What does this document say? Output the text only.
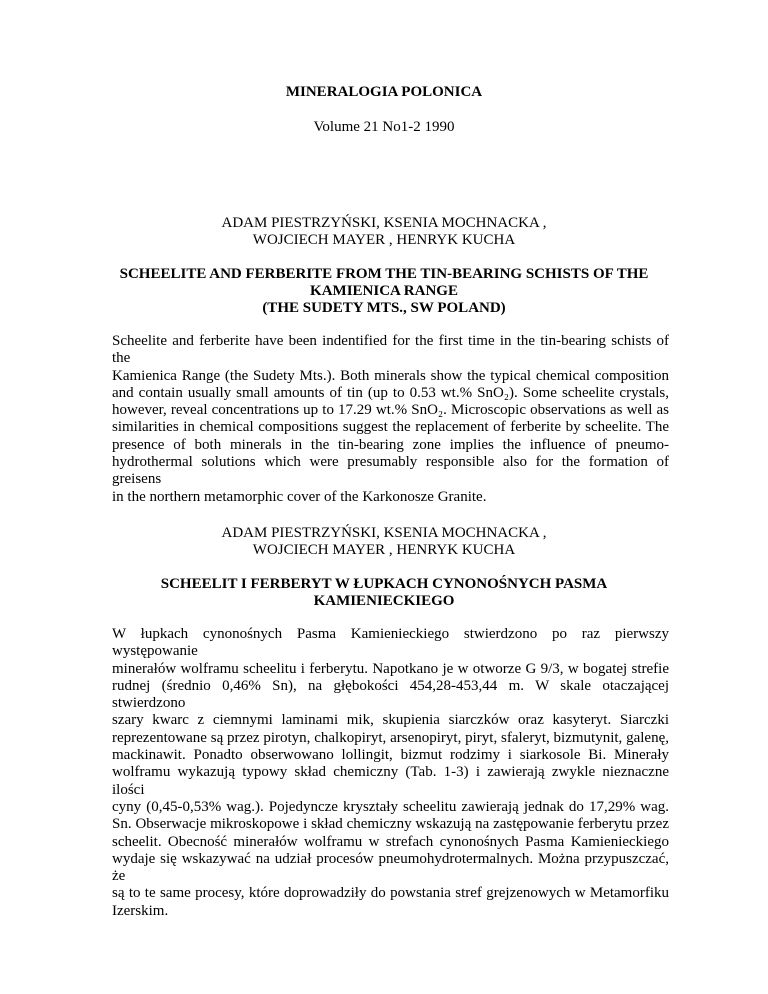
MINERALOGIA POLONICA
Volume 21 No1-2 1990
ADAM PIESTRZYŃSKI, KSENIA MOCHNACKA ,
WOJCIECH MAYER , HENRYK KUCHA
SCHEELITE AND FERBERITE FROM THE TIN-BEARING SCHISTS OF THE
KAMIENICA RANGE
(THE SUDETY MTS., SW POLAND)
Scheelite and ferberite have been indentified for the first time in the tin-bearing schists of the
Kamienica Range (the Sudety Mts.). Both minerals show the typical chemical composition
and contain usually small amounts of tin (up to 0.53 wt.% SnO₂). Some scheelite crystals,
however, reveal concentrations up to 17.29 wt.% SnO₂. Microscopic observations as well as
similarities in chemical compositions suggest the replacement of ferberite by scheelite. The
presence of both minerals in the tin-bearing zone implies the influence of pneumo-
hydrothermal solutions which were presumably responsible also for the formation of greisens
in the northern metamorphic cover of the Karkonosze Granite.
ADAM PIESTRZYŃSKI, KSENIA MOCHNACKA ,
WOJCIECH MAYER , HENRYK KUCHA
SCHEELIT I FERBERYT W ŁUPKACH CYNONOŚNYCH PASMA
KAMIENIECKIEGO
W łupkach cynonośnych Pasma Kamienieckiego stwierdzono po raz pierwszy występowanie
minerałów wolframu scheelitu i ferberytu. Napotkano je w otworze G 9/3, w bogatej strefie
rudnej (średnio 0,46% Sn), na głębokości 454,28-453,44 m. W skale otaczającej stwierdzono
szary kwarc z ciemnymi laminami mik, skupienia siarczków oraz kasyteryt. Siarczki
reprezentowane są przez pirotyn, chalkopiryt, arsenopiryt, piryt, sfaleryt, bizmutynit, galenę,
mackinawit. Ponadto obserwowano lollingit, bizmut rodzimy i siarkosole Bi. Minerały
wolframu wykazują typowy skład chemiczny (Tab. 1-3) i zawierają zwykle nieznaczne ilości
cyny (0,45-0,53% wag.). Pojedyncze kryształy scheelitu zawierają jednak do 17,29% wag.
Sn. Obserwacje mikroskopowe i skład chemiczny wskazują na zastępowanie ferberytu przez
scheelit. Obecność minerałów wolframu w strefach cynonośnych Pasma Kamienieckiego
wydaje się wskazywać na udział procesów pneumohydrotermalnych. Można przypuszczać, że
są to te same procesy, które doprowadziły do powstania stref grejzenowych w Metamorfiku
Izerskim.
